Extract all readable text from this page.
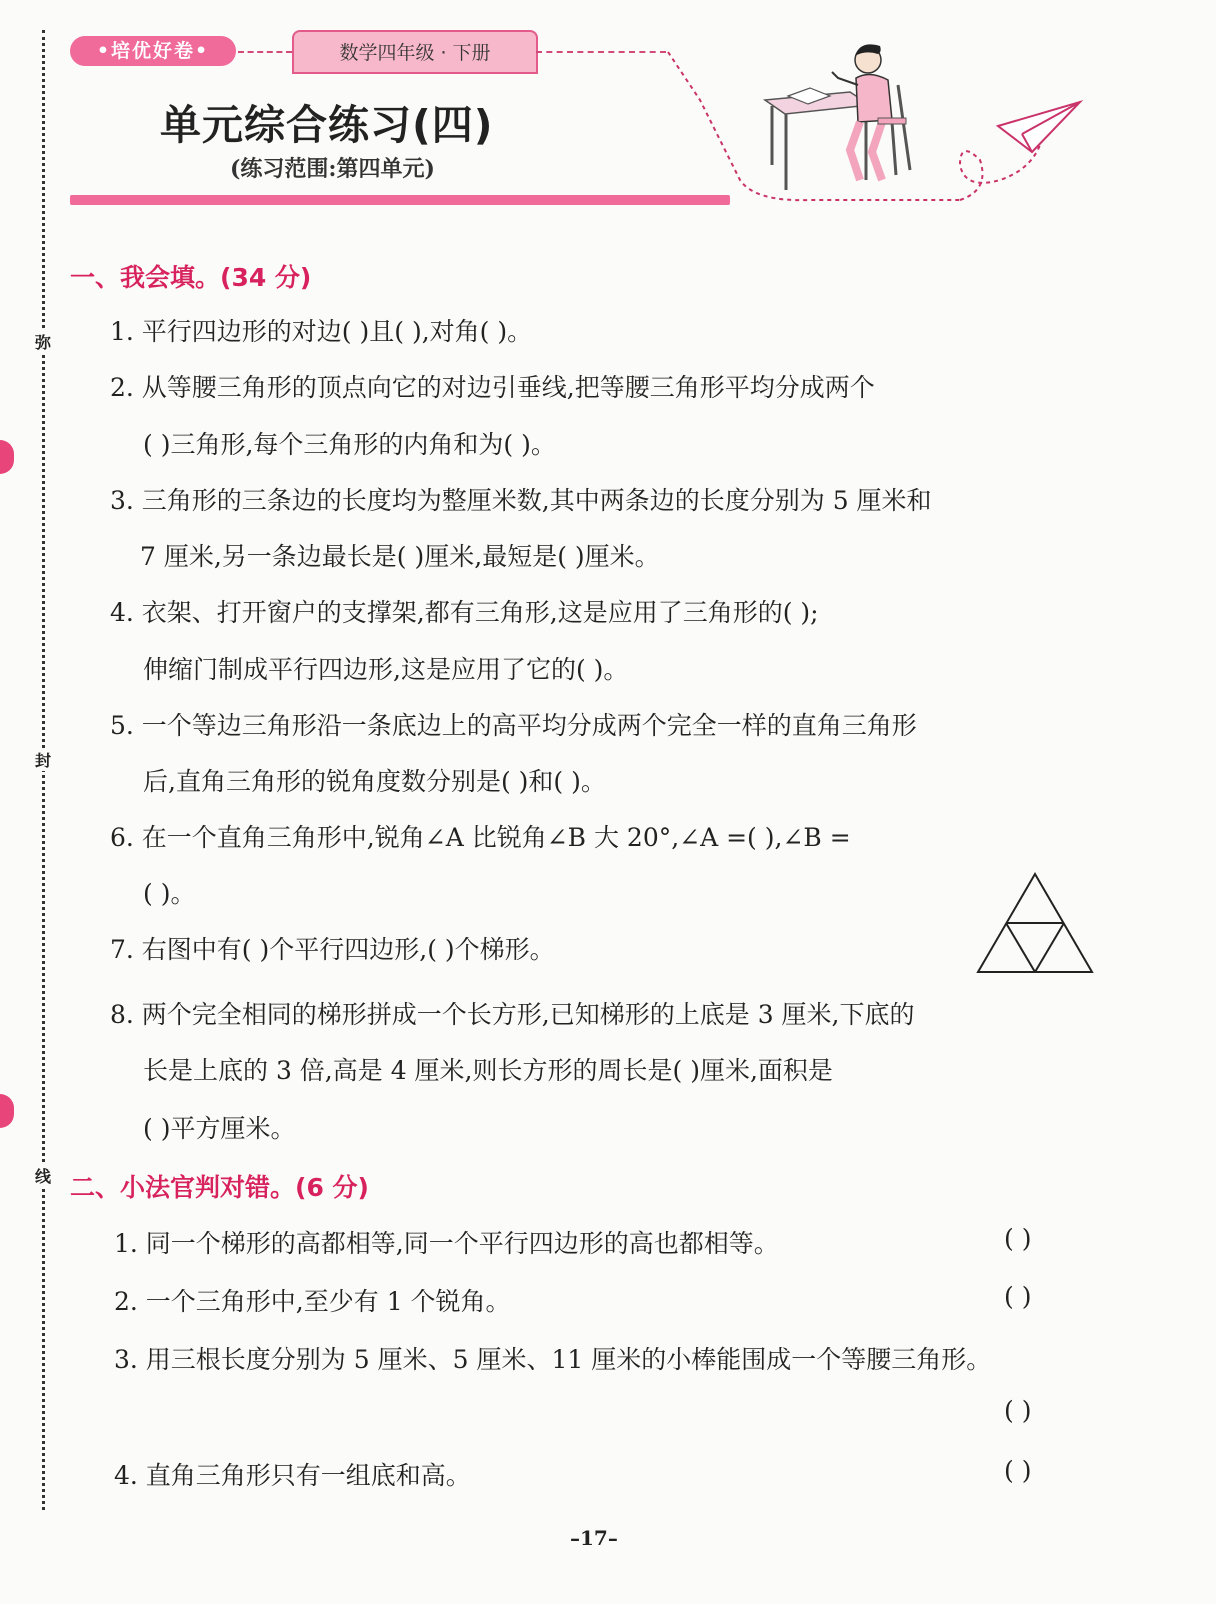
弥
封
线
•培优好卷•	数学四年级 · 下册
单元综合练习(四)
(练习范围:第四单元)
一、我会填。(34 分)
1. 平行四边形的对边( )且( ),对角( )。
2. 从等腰三角形的顶点向它的对边引垂线,把等腰三角形平均分成两个
( )三角形,每个三角形的内角和为( )。
3. 三角形的三条边的长度均为整厘米数,其中两条边的长度分别为 5 厘米和
7 厘米,另一条边最长是( )厘米,最短是( )厘米。
4. 衣架、打开窗户的支撑架,都有三角形,这是应用了三角形的( );
伸缩门制成平行四边形,这是应用了它的( )。
5. 一个等边三角形沿一条底边上的高平均分成两个完全一样的直角三角形
后,直角三角形的锐角度数分别是( )和( )。
6. 在一个直角三角形中,锐角∠A 比锐角∠B 大 20°,∠A =( ),∠B =
( )。
7. 右图中有( )个平行四边形,( )个梯形。
8. 两个完全相同的梯形拼成一个长方形,已知梯形的上底是 3 厘米,下底的
长是上底的 3 倍,高是 4 厘米,则长方形的周长是( )厘米,面积是
( )平方厘米。
二、小法官判对错。(6 分)
1. 同一个梯形的高都相等,同一个平行四边形的高也都相等。	( )
2. 一个三角形中,至少有 1 个锐角。	( )
3. 用三根长度分别为 5 厘米、5 厘米、11 厘米的小棒能围成一个等腰三角形。
( )
4. 直角三角形只有一组底和高。	( )
–17–
